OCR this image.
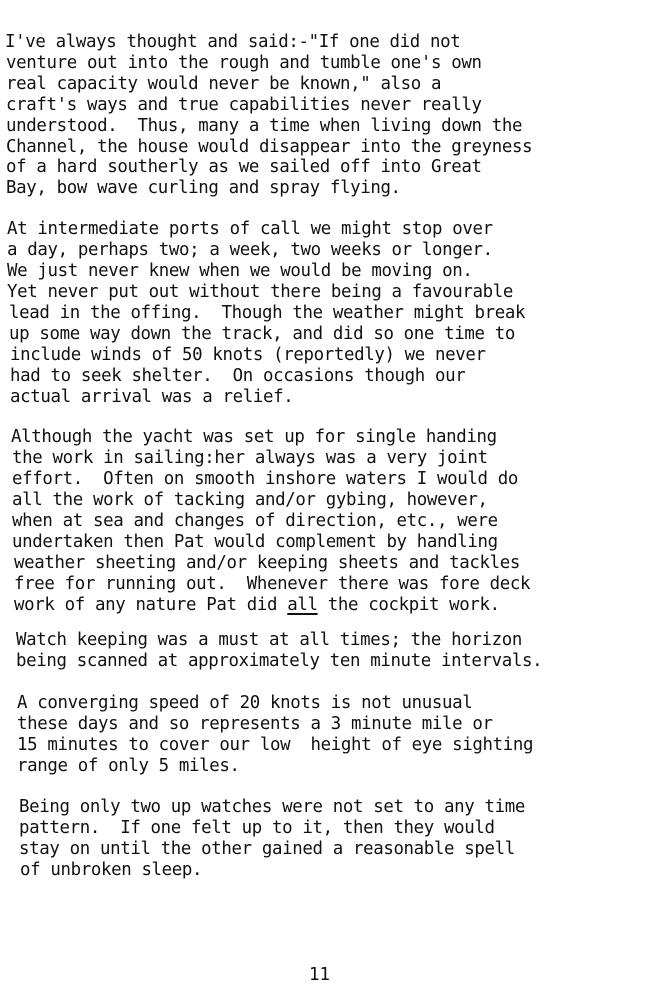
I've always thought and said:-"If one did not
venture out into the rough and tumble one's own
real capacity would never be known," also a
craft's ways and true capabilities never really
understood.  Thus, many a time when living down the
Channel, the house would disappear into the greyness
of a hard southerly as we sailed off into Great
Bay, bow wave curling and spray flying.
At intermediate ports of call we might stop over
a day, perhaps two; a week, two weeks or longer.
We just never knew when we would be moving on.
Yet never put out without there being a favourable
lead in the offing.  Though the weather might break
up some way down the track, and did so one time to
include winds of 50 knots (reportedly) we never
had to seek shelter.  On occasions though our
actual arrival was a relief.
Although the yacht was set up for single handing
the work in sailing:her always was a very joint
effort.  Often on smooth inshore waters I would do
all the work of tacking and/or gybing, however,
when at sea and changes of direction, etc., were
undertaken then Pat would complement by handling
weather sheeting and/or keeping sheets and tackles
free for running out.  Whenever there was fore deck
work of any nature Pat did all the cockpit work.
Watch keeping was a must at all times; the horizon
being scanned at approximately ten minute intervals.
A converging speed of 20 knots is not unusual
these days and so represents a 3 minute mile or
15 minutes to cover our low  height of eye sighting
range of only 5 miles.
Being only two up watches were not set to any time
pattern.  If one felt up to it, then they would
stay on until the other gained a reasonable spell
of unbroken sleep.
11
